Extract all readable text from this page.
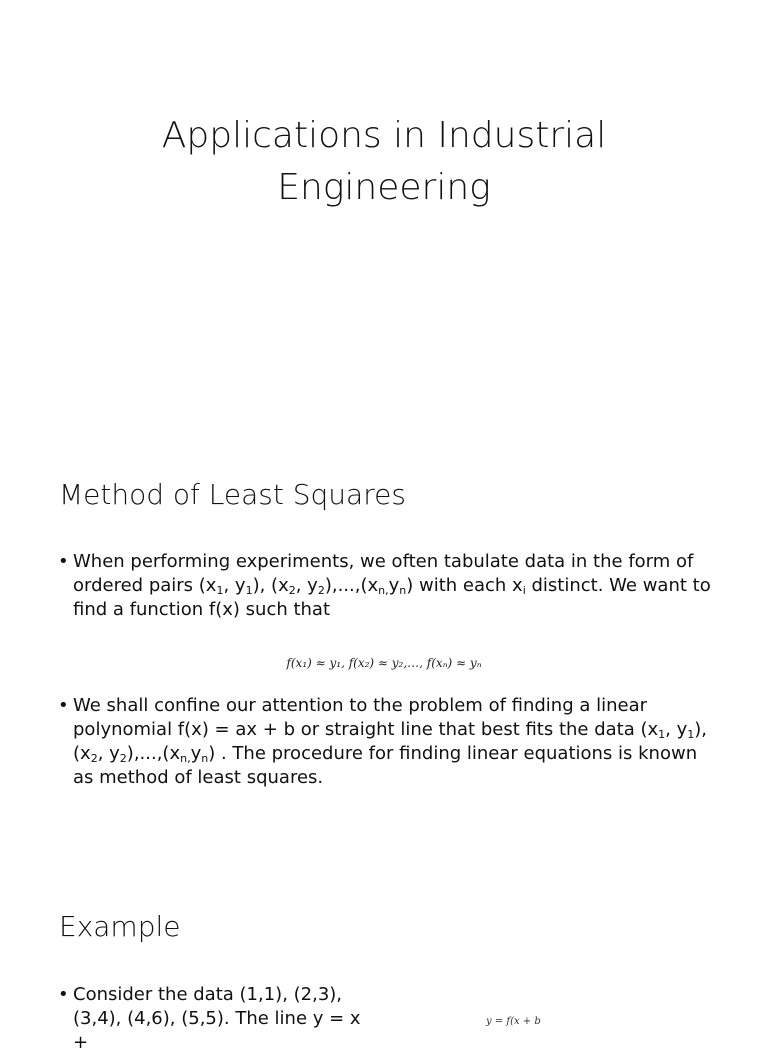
Applications in Industrial
Engineering
Method of Least Squares
• When performing experiments, we often tabulate data in the form of ordered pairs ($x_1$, $y_1$), ($x_2$, $y_2),...,(x_{n,}y_n)$ with each $x_i$ distinct. We want to find a function f(x) such that
f(x₁) ≈ y₁, f(x₂) ≈ y₂,…, f(xₙ) ≈ yₙ
• We shall confine our attention to the problem of finding a linear polynomial f(x) = ax + b or straight line that best fits the data ($x_1$, $y_1$), ($x_2$, $y_2),...,(x_{n,}y_n)$ . The procedure for finding linear equations is known as method of least squares.
Example
• Consider the data (1,1), (2,3), (3,4), (4,6), (5,5). The line y = x +
y = f(x + b
